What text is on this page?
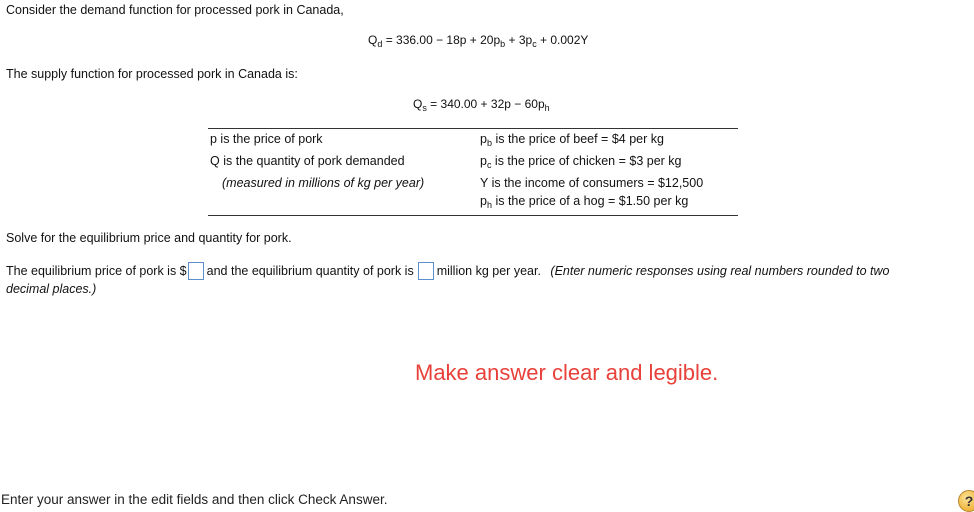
Consider the demand function for processed pork in Canada,
$Q_d = 336.00 - 18p + 20p_b + 3p_c + 0.002Y$
The supply function for processed pork in Canada is:
$Q_s = 340.00 + 32p - 60p_h$
p is the price of pork
Q is the quantity of pork demanded
(measured in millions of kg per year)
$p_b$ is the price of beef = $4 per kg
$p_c$ is the price of chicken = $3 per kg
Y is the income of consumers = $12,500
$p_h$ is the price of a hog = $1.50 per kg
Solve for the equilibrium price and quantity for pork.
The equilibrium price of pork is $ and the equilibrium quantity of pork is million kg per year. (Enter numeric responses using real numbers rounded to two
decimal places.)
Make answer clear and legible.
Enter your answer in the edit fields and then click Check Answer.	?
